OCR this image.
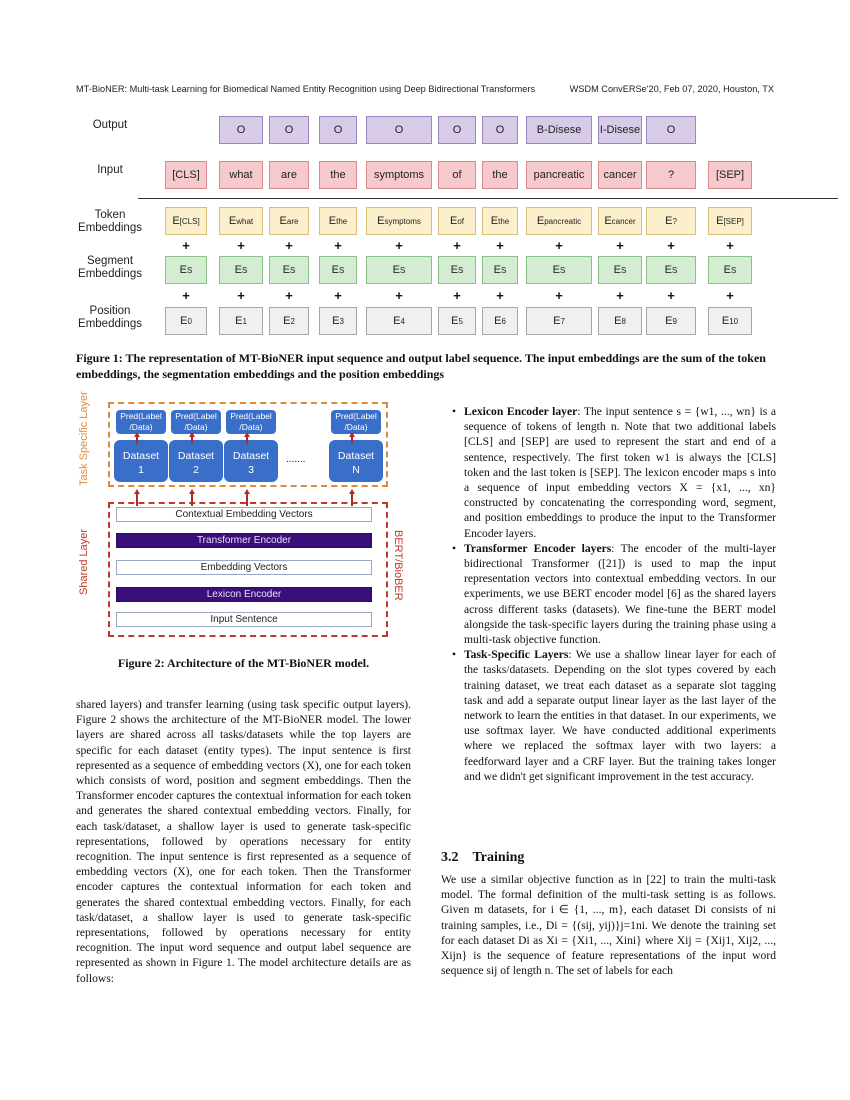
MT-BioNER: Multi-task Learning for Biomedical Named Entity Recognition using Deep Bidirectional Transformers	WSDM ConvERSe'20, Feb 07, 2020, Houston, TX
Output
Input
Token Embeddings
Segment Embeddings
Position Embeddings
[CLS]
E [CLS]
E S
E 0
+
+
O
what
E what
E S
E 1
+
+
O
are
E are
E S
E 2
+
+
O
the
E the
E S
E 3
+
+
O
symptoms
E symptoms
E S
E 4
+
+
O
of
E of
E S
E 5
+
+
O
the
E the
E S
E 6
+
+
B-Disese
pancreatic
E pancreatic
E S
E 7
+
+
I-Disese
cancer
E cancer
E S
E 8
+
+
O
?
E ?
E S
E 9
+
+
[SEP]
E [SEP]
E S
E 10
+
+
Figure 1: The representation of MT-BioNER input sequence and output label sequence. The input embeddings are the sum of the token embeddings, the segmentation embeddings and the position embeddings
Task Specific Layer
Shared Layer	BERT/BioBER
Pred(Label /Data)
Dataset
1
Pred(Label /Data)
Dataset
2
Pred(Label /Data)
Dataset
3
Pred(Label /Data)
Dataset
N
.......
Contextual Embedding Vectors
Transformer Encoder
Embedding Vectors
Lexicon Encoder
Input Sentence
Figure 2: Architecture of the MT-BioNER model.

shared layers) and transfer learning (using task specific output layers). Figure 2 shows the architecture of the MT-BioNER model. The lower layers are shared across all tasks/datasets while the top layers are specific for each dataset (entity types). The input sentence is first represented as a sequence of embedding vectors (X), one for each token which consists of word, position and segment embeddings. Then the Transformer encoder captures the contextual information for each token and generates the shared contextual embedding vectors. Finally, for each task/dataset, a shallow layer is used to generate task-specific representations, followed by operations necessary for entity recognition. The input sentence is first represented as a sequence of embedding vectors (X), one for each token. Then the Transformer encoder captures the contextual information for each token and generates the shared contextual embedding vectors. Finally, for each task/dataset, a shallow layer is used to generate task-specific representations, followed by operations necessary for entity recognition. The input word sequence and output label sequence are represented as shown in Figure 1. The model architecture details are as follows:

• Lexicon Encoder layer: The input sentence s = {w1, ..., wn} is a sequence of tokens of length n. Note that two additional labels [CLS] and [SEP] are used to represent the start and end of a sentence, respectively. The first token w1 is always the [CLS] token and the last token is [SEP]. The lexicon encoder maps s into a sequence of input embedding vectors X = {x1, ..., xn} constructed by concatenating the corresponding word, segment, and position embeddings to produce the input to the Transformer Encoder layers.
• Transformer Encoder layers: The encoder of the multi-layer bidirectional Transformer ([21]) is used to map the input representation vectors into contextual embedding vectors. In our experiments, we use BERT encoder model [6] as the shared layers across different tasks (datasets). We fine-tune the BERT model alongside the task-specific layers during the training phase using a multi-task objective function.
• Task-Specific Layers: We use a shallow linear layer for each of the tasks/datasets. Depending on the slot types covered by each training dataset, we treat each dataset as a separate slot tagging task and add a separate output linear layer as the last layer of the network to learn the entities in that dataset. In our experiments, we use softmax layer. We have conducted additional experiments where we replaced the softmax layer with two layers: a feedforward layer and a CRF layer. But the training takes longer and we didn't get significant improvement in the test accuracy.

3.2 Training

We use a similar objective function as in [22] to train the multi-task model. The formal definition of the multi-task setting is as follows. Given m datasets, for i ∈ {1, ..., m}, each dataset Di consists of ni training samples, i.e., Di = {(sij, yij)}j=1ni. We denote the training set for each dataset Di as Xi = {Xi1, ..., Xini} where Xij = {Xij1, Xij2, ..., Xijn} is the sequence of feature representations of the input word sequence sij of length n. The set of labels for each
